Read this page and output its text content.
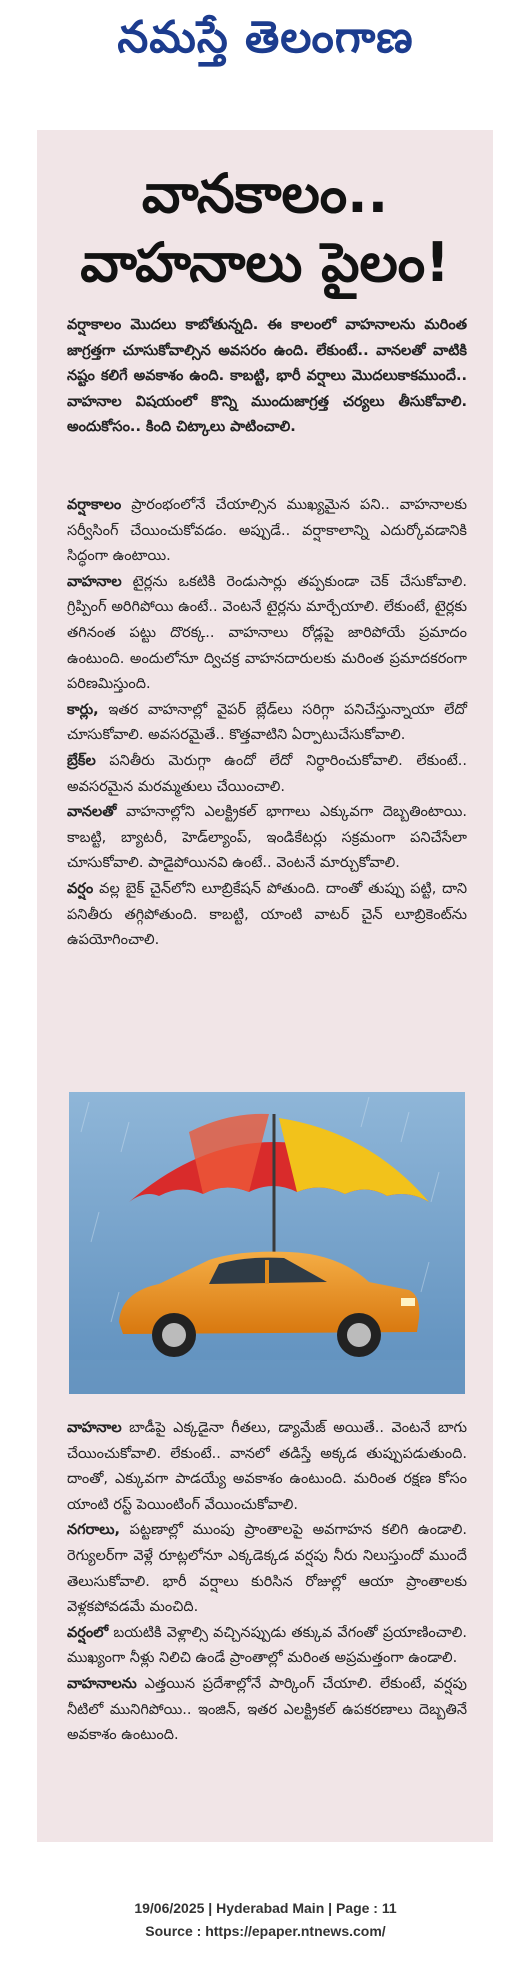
నమస్తే తెలంగాణ
వానకాలం..
వాహనాలు పైలం!
వర్షాకాలం మొదలు కాబోతున్నది. ఈ కాలంలో వాహనాలను మరింత జాగ్రత్తగా చూసుకోవాల్సిన అవసరం ఉంది. లేకుంటే.. వానలతో వాటికి నష్టం కలిగే అవకాశం ఉంది. కాబట్టి, భారీ వర్షాలు మొదలుకాకముందే.. వాహనాల విషయంలో కొన్ని ముందుజాగ్రత్త చర్యలు తీసుకోవాలి. అందుకోసం.. కింది చిట్కాలు పాటించాలి.

వర్షాకాలం ప్రారంభంలోనే చేయాల్సిన ముఖ్యమైన పని.. వాహనాలకు సర్వీసింగ్ చేయించుకోవడం. అప్పుడే.. వర్షాకాలాన్ని ఎదుర్కోవడానికి సిద్ధంగా ఉంటాయి.

వాహనాల టైర్లను ఒకటికి రెండుసార్లు తప్పకుండా చెక్ చేసుకోవాలి. గ్రిప్పింగ్ అరిగిపోయి ఉంటే.. వెంటనే టైర్లను మార్చేయాలి. లేకుంటే, టైర్లకు తగినంత పట్టు దొరక్క.. వాహనాలు రోడ్లపై జారిపోయే ప్రమాదం ఉంటుంది. అందులోనూ ద్విచక్ర వాహనదారులకు మరింత ప్రమాదకరంగా పరిణమిస్తుంది.

కార్లు, ఇతర వాహనాల్లో వైపర్ బ్లేడ్‌లు సరిగ్గా పనిచేస్తున్నాయా లేదో చూసుకోవాలి. అవసరమైతే.. కొత్తవాటిని ఏర్పాటుచేసుకోవాలి.

బ్రేక్‌ల పనితీరు మెరుగ్గా ఉందో లేదో నిర్ధారించుకోవాలి. లేకుంటే.. అవసరమైన మరమ్మతులు చేయించాలి.

వానలతో వాహనాల్లోని ఎలక్ట్రికల్ భాగాలు ఎక్కువగా దెబ్బతింటాయి. కాబట్టి, బ్యాటరీ, హెడ్‌ల్యాంప్, ఇండికేటర్లు సక్రమంగా పనిచేసేలా చూసుకోవాలి. పాడైపోయినవి ఉంటే.. వెంటనే మార్చుకోవాలి.

వర్షం వల్ల బైక్ చైన్‌లోని లూబ్రికేషన్ పోతుంది. దాంతో తుప్పు పట్టి, దాని పనితీరు తగ్గిపోతుంది. కాబట్టి, యాంటి వాటర్ చైన్ లూబ్రికెంట్‌ను ఉపయోగించాలి.

వాహనాల బాడీపై ఎక్కడైనా గీతలు, డ్యామేజ్ అయితే.. వెంటనే బాగు చేయించుకోవాలి. లేకుంటే.. వానలో తడిస్తే అక్కడ తుప్పుపడుతుంది. దాంతో, ఎక్కువగా పాడయ్యే అవకాశం ఉంటుంది. మరింత రక్షణ కోసం యాంటి రస్ట్ పెయింటింగ్ వేయించుకోవాలి.

నగరాలు, పట్టణాల్లో ముంపు ప్రాంతాలపై అవగాహన కలిగి ఉండాలి. రెగ్యులర్‌గా వెళ్లే రూట్లలోనూ ఎక్కడెక్కడ వర్షపు నీరు నిలుస్తుందో ముందే తెలుసుకోవాలి. భారీ వర్షాలు కురిసిన రోజుల్లో ఆయా ప్రాంతాలకు వెళ్లకపోవడమే మంచిది.

వర్షంలో బయటికి వెళ్లాల్సి వచ్చినప్పుడు తక్కువ వేగంతో ప్రయాణించాలి. ముఖ్యంగా నీళ్లు నిలిచి ఉండే ప్రాంతాల్లో మరింత అప్రమత్తంగా ఉండాలి.

వాహనాలను ఎత్తయిన ప్రదేశాల్లోనే పార్కింగ్ చేయాలి. లేకుంటే, వర్షపు నీటిలో మునిగిపోయి.. ఇంజిన్, ఇతర ఎలక్ట్రికల్ ఉపకరణాలు దెబ్బతినే అవకాశం ఉంటుంది.

19/06/2025 | Hyderabad Main | Page : 11
Source : https://epaper.ntnews.com/
